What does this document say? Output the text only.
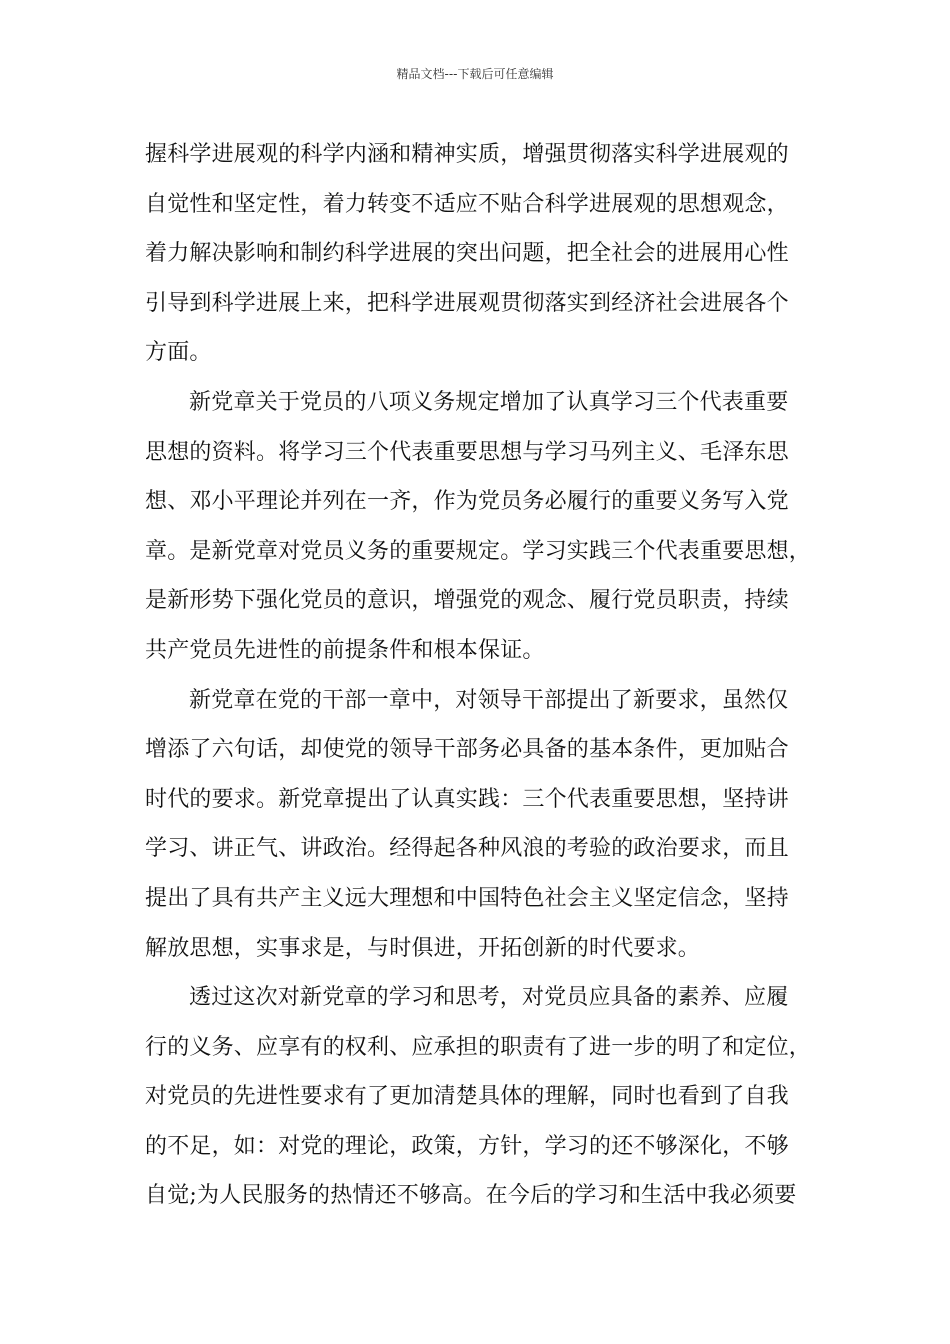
精品文档---下载后可任意编辑
握科学进展观的科学内涵和精神实质，增强贯彻落实科学进展观的
自觉性和坚定性，着力转变不适应不贴合科学进展观的思想观念，
着力解决影响和制约科学进展的突出问题，把全社会的进展用心性
引导到科学进展上来，把科学进展观贯彻落实到经济社会进展各个
方面。
新党章关于党员的八项义务规定增加了认真学习三个代表重要
思想的资料。将学习三个代表重要思想与学习马列主义、毛泽东思
想、邓小平理论并列在一齐，作为党员务必履行的重要义务写入党
章。是新党章对党员义务的重要规定。学习实践三个代表重要思想，
是新形势下强化党员的意识，增强党的观念、履行党员职责，持续
共产党员先进性的前提条件和根本保证。
新党章在党的干部一章中，对领导干部提出了新要求，虽然仅
增添了六句话，却使党的领导干部务必具备的基本条件，更加贴合
时代的要求。新党章提出了认真实践：三个代表重要思想，坚持讲
学习、讲正气、讲政治。经得起各种风浪的考验的政治要求，而且
提出了具有共产主义远大理想和中国特色社会主义坚定信念，坚持
解放思想，实事求是，与时俱进，开拓创新的时代要求。
透过这次对新党章的学习和思考，对党员应具备的素养、应履
行的义务、应享有的权利、应承担的职责有了进一步的明了和定位，
对党员的先进性要求有了更加清楚具体的理解，同时也看到了自我
的不足，如：对党的理论，政策，方针，学习的还不够深化，不够
自觉;为人民服务的热情还不够高。在今后的学习和生活中我必须要
